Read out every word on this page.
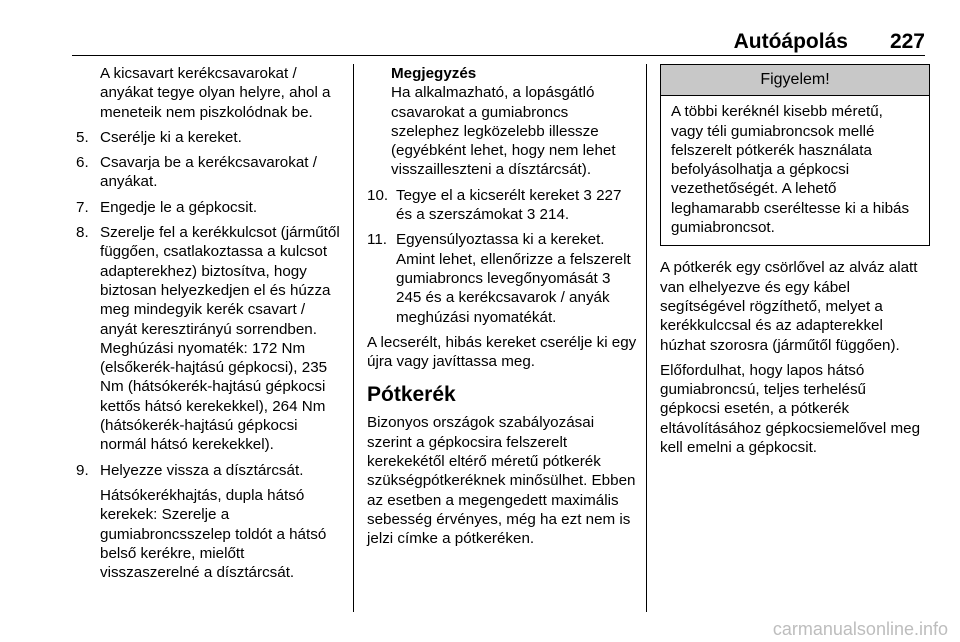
Autóápolás 227

A kicsavart kerékcsavarokat / anyákat tegye olyan helyre, ahol a meneteik nem piszkolódnak be.

5. Cserélje ki a kereket.
6. Csavarja be a kerékcsavarokat / anyákat.
7. Engedje le a gépkocsit.
8. Szerelje fel a kerékkulcsot (járműtől függően, csatlakoztassa a kulcsot adapterekhez) biztosítva, hogy biztosan helyezkedjen el és húzza meg mindegyik kerék csavart / anyát keresztirányú sorrendben. Meghúzási nyomaték: 172 Nm (elsőkerék-hajtású gépkocsi), 235 Nm (hátsókerék-hajtású gépkocsi kettős hátsó kerekekkel), 264 Nm (hátsókerék-hajtású gépkocsi normál hátsó kerekekkel).
9. Helyezze vissza a dísztárcsát.

Hátsókerékhajtás, dupla hátsó kerekek: Szerelje a gumiabroncsszelep toldót a hátsó belső kerékre, mielőtt visszaszerelné a dísztárcsát.

Megjegyzés
Ha alkalmazható, a lopásgátló csavarokat a gumiabroncs szelephez legközelebb illessze (egyébként lehet, hogy nem lehet visszailleszteni a dísztárcsát).

10. Tegye el a kicserélt kereket 3 227 és a szerszámokat 3 214.
11. Egyensúlyoztassa ki a kereket. Amint lehet, ellenőrizze a felszerelt gumiabroncs levegőnyomását 3 245 és a kerékcsavarok / anyák meghúzási nyomatékát.

A lecserélt, hibás kereket cserélje ki egy újra vagy javíttassa meg.

Pótkerék

Bizonyos országok szabályozásai szerint a gépkocsira felszerelt kerekekétől eltérő méretű pótkerék szükségpótkeréknek minősülhet. Ebben az esetben a megengedett maximális sebesség érvényes, még ha ezt nem is jelzi címke a pótkeréken.

Figyelem!
A többi keréknél kisebb méretű, vagy téli gumiabroncsok mellé felszerelt pótkerék használata befolyásolhatja a gépkocsi vezethetőségét. A lehető leghamarabb cseréltesse ki a hibás gumiabroncsot.

A pótkerék egy csörlővel az alváz alatt van elhelyezve és egy kábel segítségével rögzíthető, melyet a kerékkulccsal és az adapterekkel húzhat szorosra (járműtől függően).

Előfordulhat, hogy lapos hátsó gumiabroncsú, teljes terhelésű gépkocsi esetén, a pótkerék eltávolításához gépkocsiemelővel meg kell emelni a gépkocsit.

carmanualsonline.info
